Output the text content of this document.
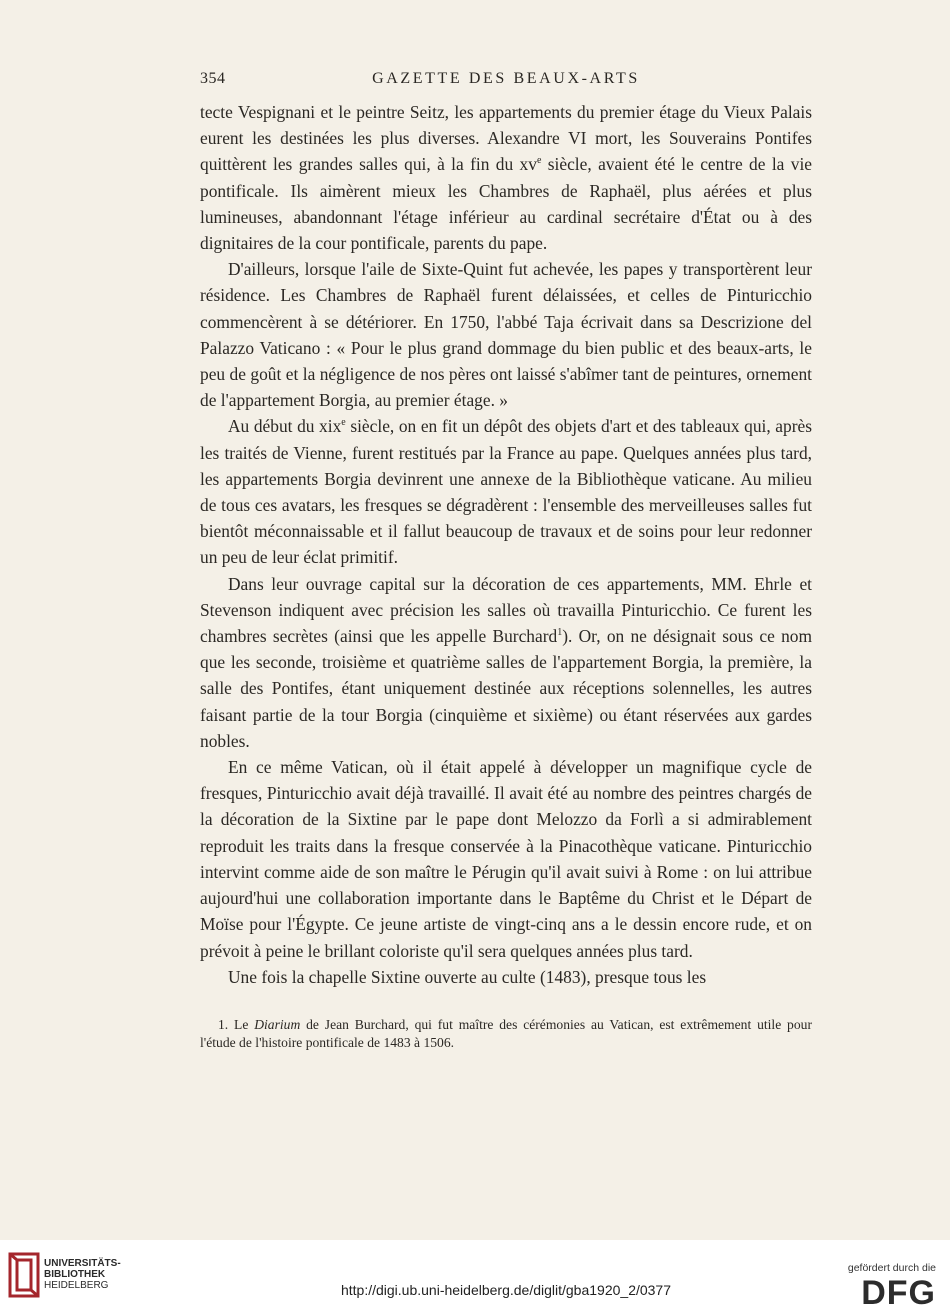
354	GAZETTE DES BEAUX-ARTS

tecte Vespignani et le peintre Seitz, les appartements du premier étage du Vieux Palais eurent les destinées les plus diverses. Alexandre VI mort, les Souverains Pontifes quittèrent les grandes salles qui, à la fin du $xv^e$ siècle, avaient été le centre de la vie pontificale. Ils aimèrent mieux les Chambres de Raphaël, plus aérées et plus lumineuses, abandonnant l'étage inférieur au cardinal secrétaire d'État ou à des dignitaires de la cour pontificale, parents du pape.

D'ailleurs, lorsque l'aile de Sixte-Quint fut achevée, les papes y transportèrent leur résidence. Les Chambres de Raphaël furent délaissées, et celles de Pinturicchio commencèrent à se détériorer. En 1750, l'abbé Taja écrivait dans sa Descrizione del Palazzo Vaticano : « Pour le plus grand dommage du bien public et des beaux-arts, le peu de goût et la négligence de nos pères ont laissé s'abîmer tant de peintures, ornement de l'appartement Borgia, au premier étage. »

Au début du xix$^e$ siècle, on en fit un dépôt des objets d'art et des tableaux qui, après les traités de Vienne, furent restitués par la France au pape. Quelques années plus tard, les appartements Borgia devinrent une annexe de la Bibliothèque vaticane. Au milieu de tous ces avatars, les fresques se dégradèrent : l'ensemble des merveilleuses salles fut bientôt méconnaissable et il fallut beaucoup de travaux et de soins pour leur redonner un peu de leur éclat primitif.

Dans leur ouvrage capital sur la décoration de ces appartements, MM. Ehrle et Stevenson indiquent avec précision les salles où travailla Pinturicchio. Ce furent les chambres secrètes (ainsi que les appelle Burchard$^1$). Or, on ne désignait sous ce nom que les seconde, troisième et quatrième salles de l'appartement Borgia, la première, la salle des Pontifes, étant uniquement destinée aux réceptions solennelles, les autres faisant partie de la tour Borgia (cinquième et sixième) ou étant réservées aux gardes nobles.

En ce même Vatican, où il était appelé à développer un magnifique cycle de fresques, Pinturicchio avait déjà travaillé. Il avait été au nombre des peintres chargés de la décoration de la Sixtine par le pape dont Melozzo da Forlì a si admirablement reproduit les traits dans la fresque conservée à la Pinacothèque vaticane. Pinturicchio intervint comme aide de son maître le Pérugin qu'il avait suivi à Rome : on lui attribue aujourd'hui une collaboration importante dans le Baptême du Christ et le Départ de Moïse pour l'Égypte. Ce jeune artiste de vingt-cinq ans a le dessin encore rude, et on prévoit à peine le brillant coloriste qu'il sera quelques années plus tard.

Une fois la chapelle Sixtine ouverte au culte (1483), presque tous les

1. Le Diarium de Jean Burchard, qui fut maître des cérémonies au Vatican, est extrêmement utile pour l'étude de l'histoire pontificale de 1483 à 1506.
UNIVERSITÄTS-
BIBLIOTHEK
HEIDELBERG	http://digi.ub.uni-heidelberg.de/diglit/gba1920_2/0377
gefördert durch die
DFG
